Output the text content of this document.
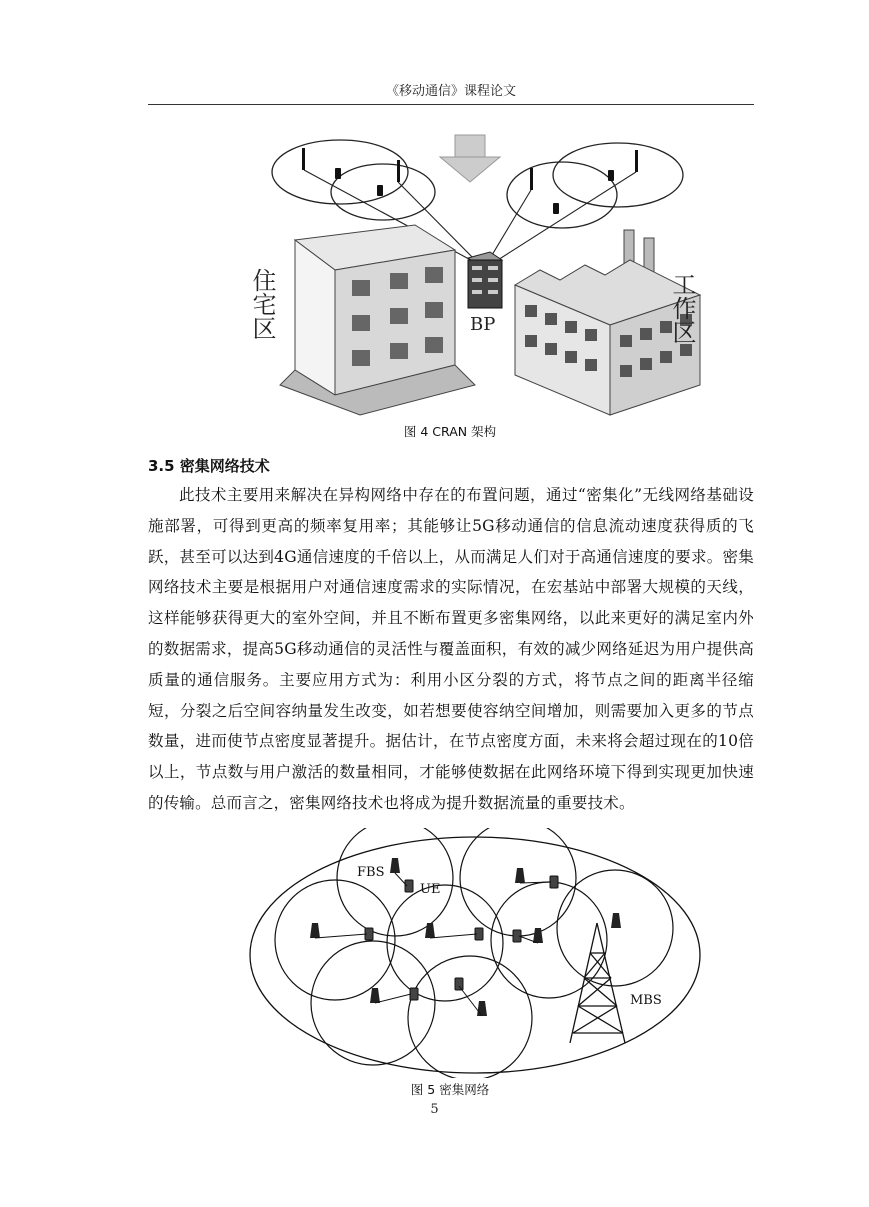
《移动通信》课程论文
住宅区	BP	工作区
图 4 CRAN 架构
3.5 密集网络技术
此技术主要用来解决在异构网络中存在的布置问题，通过“密集化”无线网络基础设施部署，可得到更高的频率复用率；其能够让5G移动通信的信息流动速度获得质的飞跃，甚至可以达到4G通信速度的千倍以上，从而满足人们对于高通信速度的要求。密集网络技术主要是根据用户对通信速度需求的实际情况，在宏基站中部署大规模的天线，这样能够获得更大的室外空间，并且不断布置更多密集网络，以此来更好的满足室内外的数据需求，提高5G移动通信的灵活性与覆盖面积，有效的减少网络延迟为用户提供高质量的通信服务。主要应用方式为：利用小区分裂的方式，将节点之间的距离半径缩短，分裂之后空间容纳量发生改变，如若想要使容纳空间增加，则需要加入更多的节点数量，进而使节点密度显著提升。据估计，在节点密度方面，未来将会超过现在的10倍以上，节点数与用户激活的数量相同，才能够使数据在此网络环境下得到实现更加快速的传输。总而言之，密集网络技术也将成为提升数据流量的重要技术。
FBS
UE
MBS
图 5 密集网络
5
